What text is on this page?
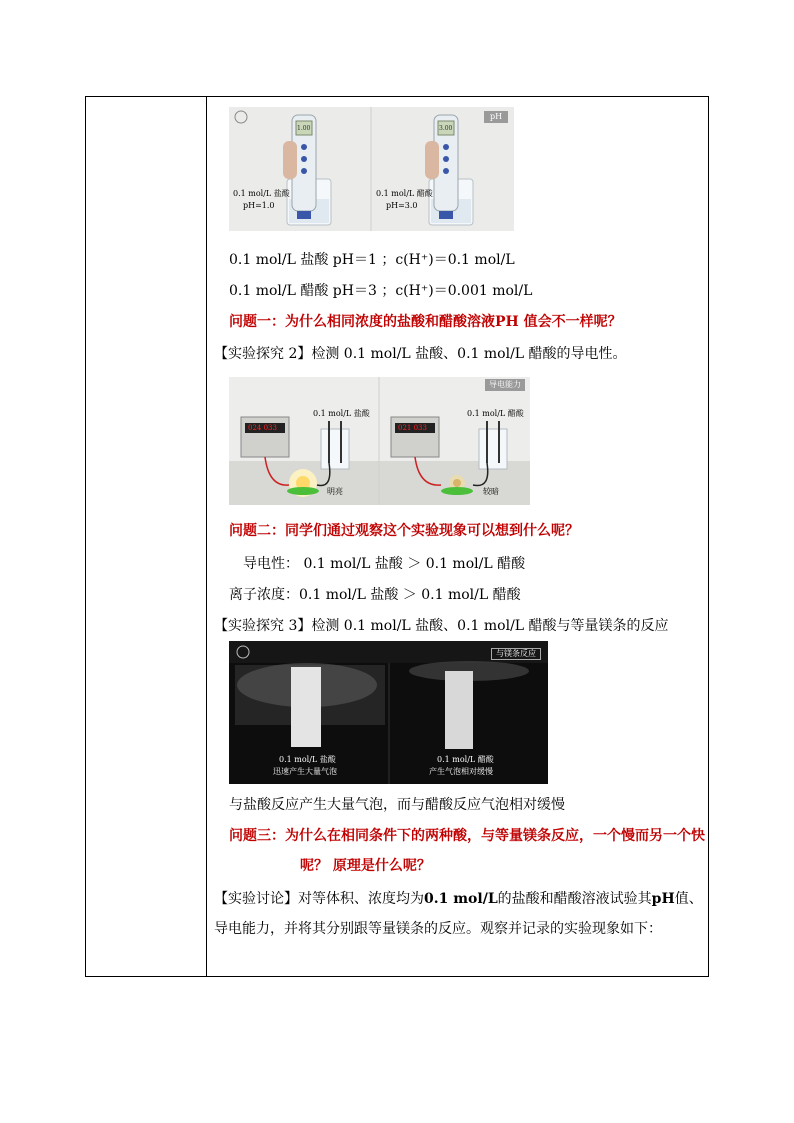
1.00	3.00
0.1 mol/L 盐酸
pH=1.0
0.1 mol/L 醋酸
pH=3.0
pH
0.1 mol/L 盐酸 pH＝1 ；c(H⁺)＝0.1 mol/L
0.1 mol/L 醋酸 pH＝3 ；c(H⁺)＝0.001 mol/L
问题一：为什么相同浓度的盐酸和醋酸溶液PH 值会不一样呢？
【实验探究 2】检测 0.1 mol/L 盐酸、0.1 mol/L 醋酸的导电性。
024 033	021 033
0.1 mol/L 盐酸	0.1 mol/L 醋酸
明亮	较暗
导电能力
问题二：同学们通过观察这个实验现象可以想到什么呢？
导电性： 0.1 mol/L 盐酸 ＞ 0.1 mol/L 醋酸
离子浓度：0.1 mol/L 盐酸 ＞ 0.1 mol/L 醋酸
【实验探究 3】检测 0.1 mol/L 盐酸、0.1 mol/L 醋酸与等量镁条的反应
0.1 mol/L 盐酸
迅速产生大量气泡
0.1 mol/L 醋酸
产生气泡相对缓慢
与镁条反应
与盐酸反应产生大量气泡，而与醋酸反应气泡相对缓慢
问题三：为什么在相同条件下的两种酸，与等量镁条反应，一个慢而另一个快
呢？ 原理是什么呢？
【实验讨论】对等体积、浓度均为0.1 mol/L的盐酸和醋酸溶液试验其pH值、
导电能力，并将其分别跟等量镁条的反应。观察并记录的实验现象如下：
